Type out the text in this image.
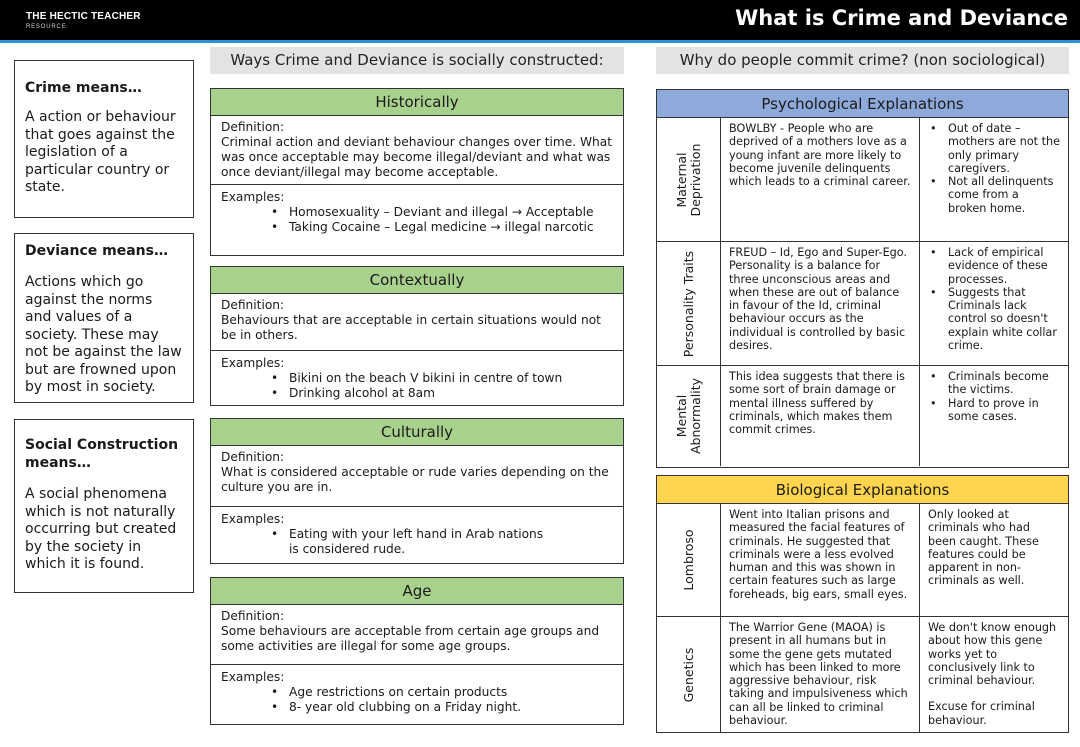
THE HECTIC TEACHER
RESOURCE	What is Crime and Deviance
Crime means…
A action or behaviour that goes against the legislation of a particular country or state.
Deviance means…
Actions which go against the norms and values of a society. These may not be against the law but are frowned upon by most in society.
Social Construction means…
A social phenomena which is not naturally occurring but created by the society in which it is found.
Ways Crime and Deviance is socially constructed:
Historically
Definition:
Criminal action and deviant behaviour changes over time. What was once acceptable may become illegal/deviant and what was once deviant/illegal may become acceptable.
Examples:
• Homosexuality – Deviant and illegal → Acceptable
• Taking Cocaine – Legal medicine → illegal narcotic
Contextually
Definition:
Behaviours that are acceptable in certain situations would not be in others.
Examples:
• Bikini on the beach V bikini in centre of town
• Drinking alcohol at 8am
Culturally
Definition:
What is considered acceptable or rude varies depending on the culture you are in.
Examples:
• Eating with your left hand in Arab nations is considered rude.
Age
Definition:
Some behaviours are acceptable from certain age groups and some activities are illegal for some age groups.
Examples:
• Age restrictions on certain products
• 8- year old clubbing on a Friday night.
Why do people commit crime? (non sociological)
Psychological Explanations
Maternal Deprivation
BOWLBY - People who are deprived of a mothers love as a young infant are more likely to become juvenile delinquents which leads to a criminal career.
• Out of date – mothers are not the only primary caregivers.
• Not all delinquents come from a broken home.
Personality Traits	FREUD – Id, Ego and Super-Ego. Personality is a balance for three unconscious areas and when these are out of balance in favour of the Id, criminal behaviour occurs as the individual is controlled by basic desires.
• Lack of empirical evidence of these processes.
• Suggests that Criminals lack control so doesn't explain white collar crime.
Mental Abnormality
This idea suggests that there is some sort of brain damage or mental illness suffered by criminals, which makes them commit crimes.
• Criminals become the victims.
• Hard to prove in some cases.
Biological Explanations
Lombroso
Went into Italian prisons and measured the facial features of criminals. He suggested that criminals were a less evolved human and this was shown in certain features such as large foreheads, big ears, small eyes.

Only looked at criminals who had been caught. These features could be apparent in non-criminals as well.

Genetics
The Warrior Gene (MAOA) is present in all humans but in some the gene gets mutated which has been linked to more aggressive behaviour, risk taking and impulsiveness which can all be linked to criminal behaviour.

We don't know enough about how this gene works yet to conclusively link to criminal behaviour.

Excuse for criminal behaviour.
